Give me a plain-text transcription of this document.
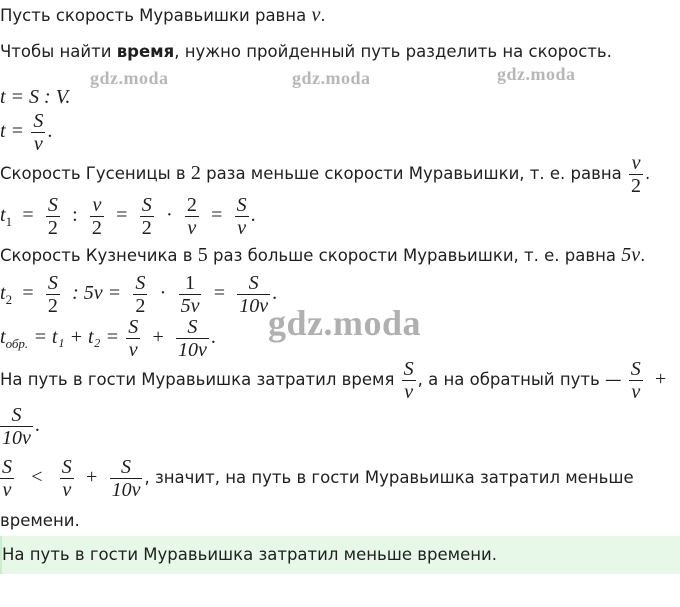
Пусть скорость Муравьишки равна ν.
Чтобы найти время, нужно пройденный путь разделить на скорость.
gdz.moda	gdz.moda	gdz.moda
t = S : V.
$t = \frac{S}{\nu}$ .
Скорость Гусеницы в 2 раза меньше скорости Муравьишки, т. е. равна $\frac{\nu}{2}$ .
$t_1 = \frac{S}{2}$ : $\frac{\nu}{2} = \frac{S}{2} \cdot \frac{2}{\nu} = \frac{S}{\nu}$ .
Скорость Кузнечика в 5 раз больше скорости Муравьишки, т. е. равна 5ν.
$t_2 = \frac{S}{2}$ : $5\nu = \frac{S}{2} \cdot \frac{1}{5\nu} = \frac{S}{10\nu}$ .
gdz.moda
$t_{обр.} = t_1 + t_2 = \frac{S}{\nu} + \frac{S}{10\nu}$ .
На путь в гости Муравьишка затратил время $\frac{S}{\nu}$ , а на обратный путь — $\frac{S}{\nu}$ +
$\frac{S}{10\nu}$ .
$\frac{S}{\nu} < \frac{S}{\nu} + \frac{S}{10\nu}$ , значит, на путь в гости Муравьишка затратил меньше
времени.
На путь в гости Муравьишка затратил меньше времени.
